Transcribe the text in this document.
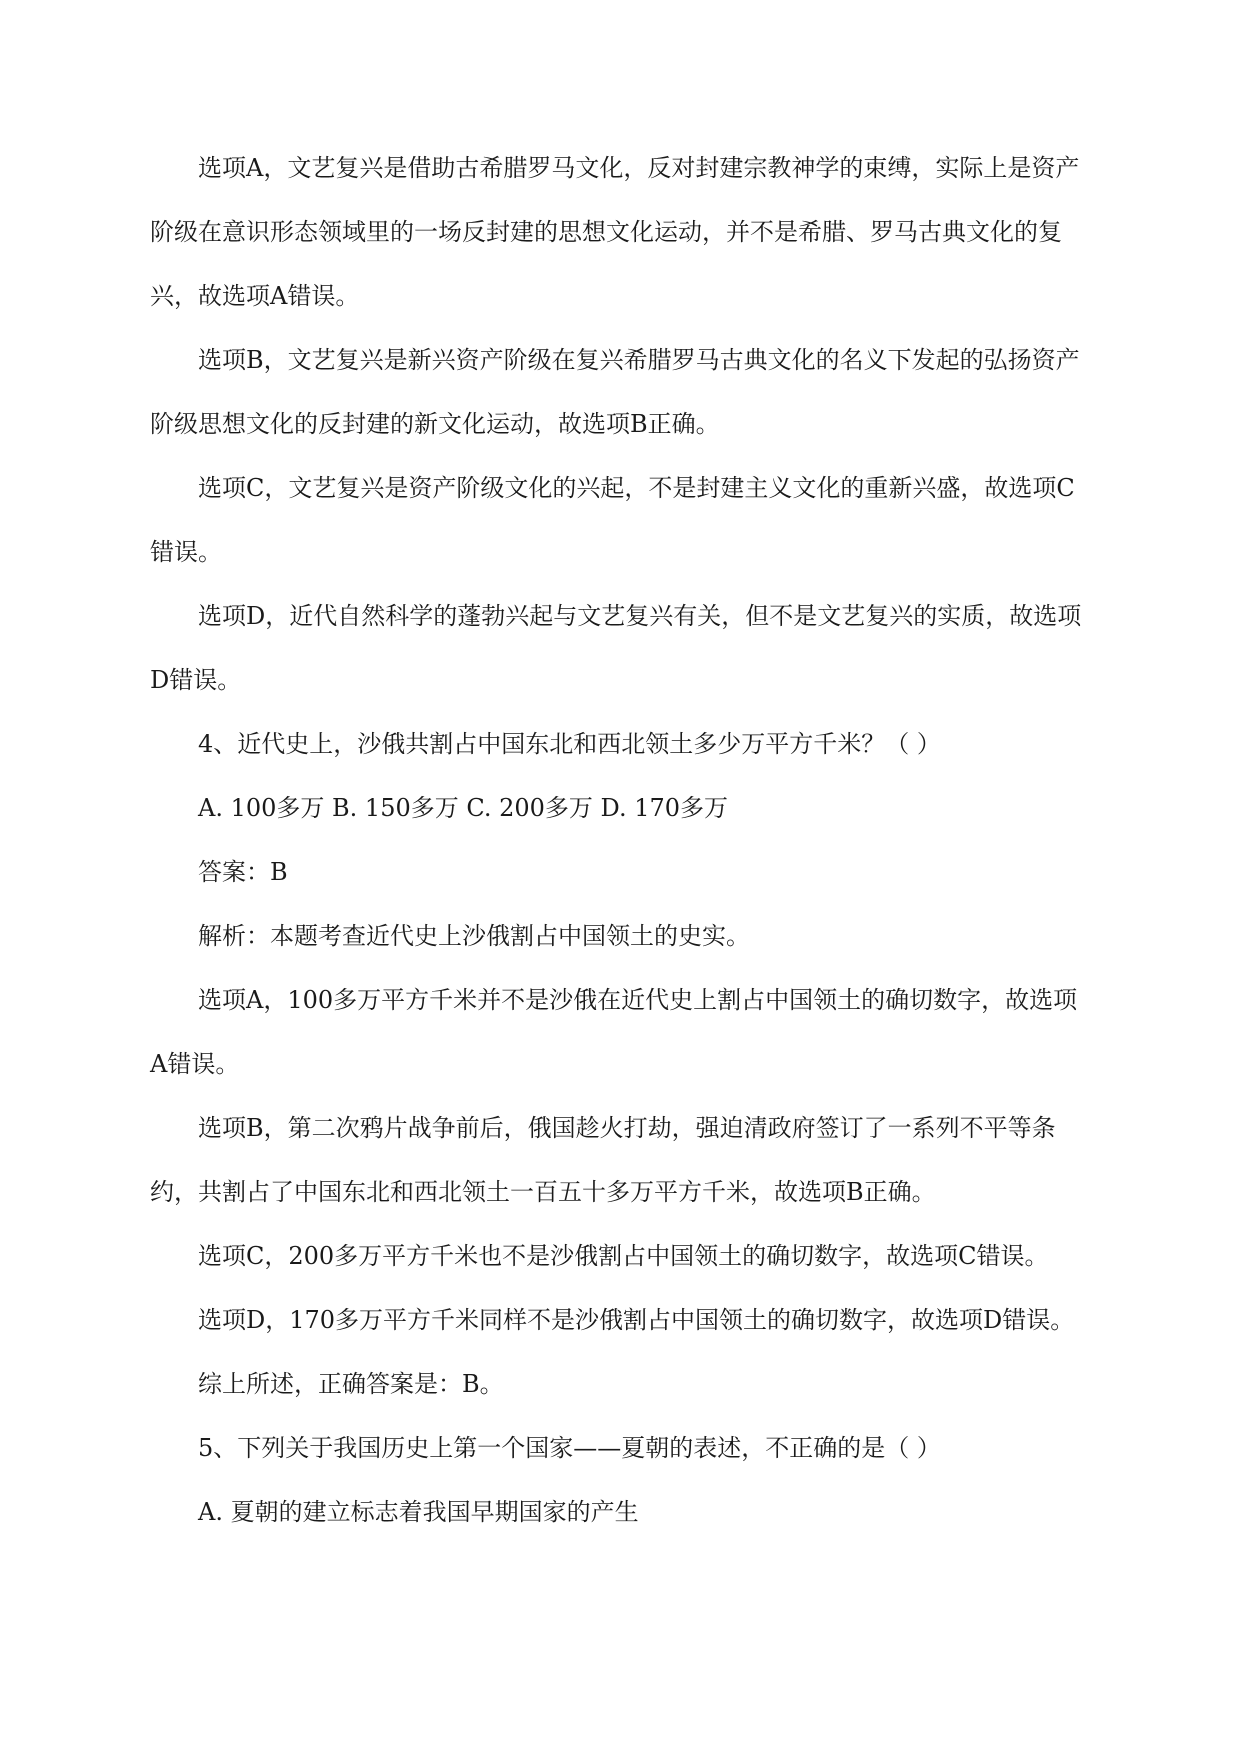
选项A，文艺复兴是借助古希腊罗马文化，反对封建宗教神学的束缚，实际上是资产阶级在意识形态领域里的一场反封建的思想文化运动，并不是希腊、罗马古典文化的复兴，故选项A错误。

选项B，文艺复兴是新兴资产阶级在复兴希腊罗马古典文化的名义下发起的弘扬资产阶级思想文化的反封建的新文化运动，故选项B正确。

选项C，文艺复兴是资产阶级文化的兴起，不是封建主义文化的重新兴盛，故选项C错误。

选项D，近代自然科学的蓬勃兴起与文艺复兴有关，但不是文艺复兴的实质，故选项D错误。

4、近代史上，沙俄共割占中国东北和西北领土多少万平方千米？（ ）

A. 100多万 B. 150多万 C. 200多万 D. 170多万

答案：B

解析：本题考查近代史上沙俄割占中国领土的史实。

选项A，100多万平方千米并不是沙俄在近代史上割占中国领土的确切数字，故选项A错误。

选项B，第二次鸦片战争前后，俄国趁火打劫，强迫清政府签订了一系列不平等条约，共割占了中国东北和西北领土一百五十多万平方千米，故选项B正确。

选项C，200多万平方千米也不是沙俄割占中国领土的确切数字，故选项C错误。

选项D，170多万平方千米同样不是沙俄割占中国领土的确切数字，故选项D错误。

综上所述，正确答案是：B。

5、下列关于我国历史上第一个国家——夏朝的表述，不正确的是（ ）

A. 夏朝的建立标志着我国早期国家的产生
